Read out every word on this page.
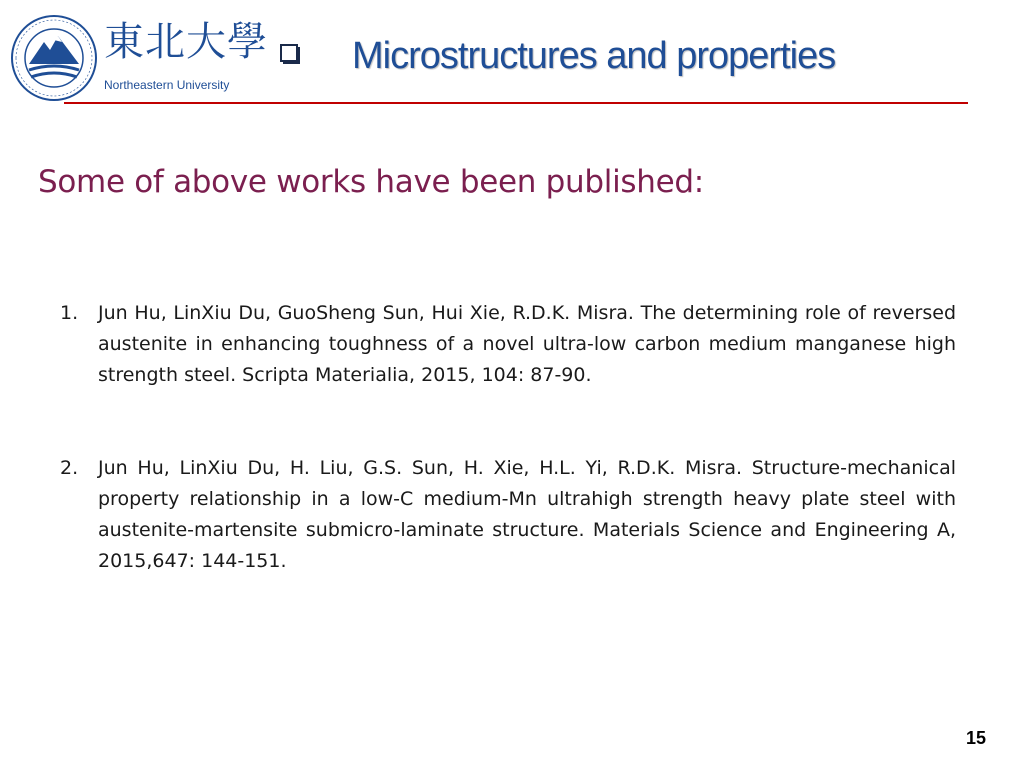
東北大學
Northeastern University
Microstructures and properties
Some of above works have been published:
1.	Jun Hu, LinXiu Du, GuoSheng Sun, Hui Xie, R.D.K. Misra. The determining role of reversed austenite in enhancing toughness of a novel ultra-low carbon medium manganese high strength steel. Scripta Materialia, 2015, 104: 87-90.
2.	Jun Hu, LinXiu Du, H. Liu, G.S. Sun, H. Xie, H.L. Yi, R.D.K. Misra. Structure-mechanical property relationship in a low-C medium-Mn ultrahigh strength heavy plate steel with austenite-martensite submicro-laminate structure. Materials Science and Engineering A, 2015,647: 144-151.
15
